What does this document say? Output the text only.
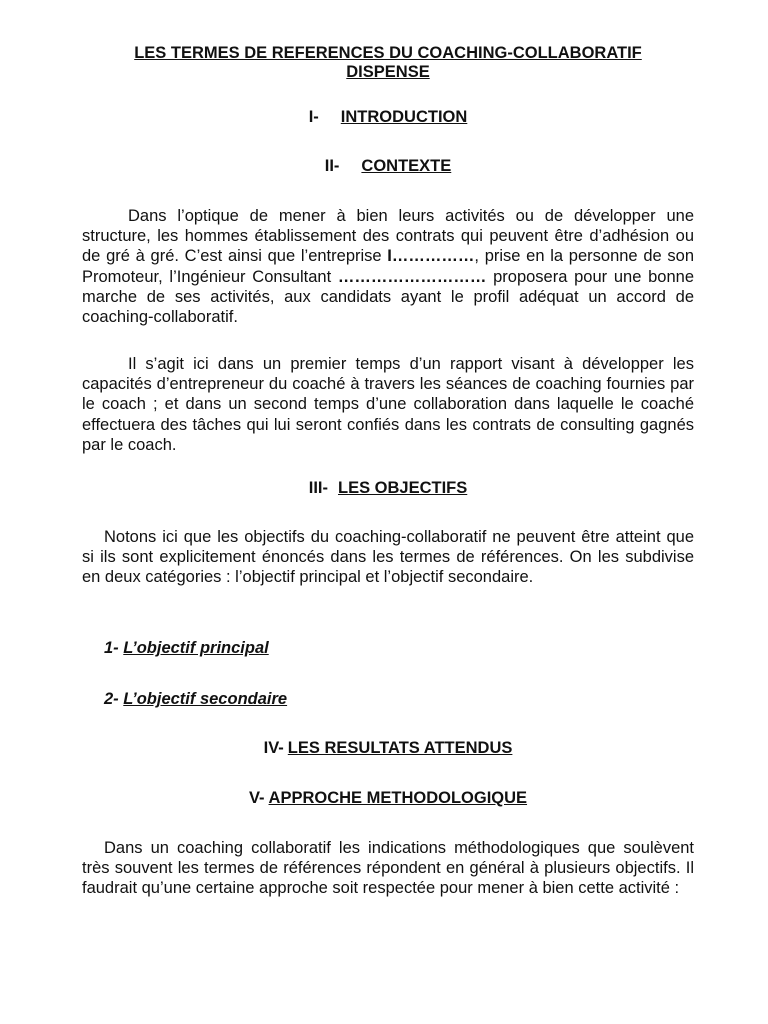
LES TERMES DE REFERENCES DU COACHING-COLLABORATIF
DISPENSE
I- INTRODUCTION
II- CONTEXTE

Dans l’optique de mener à bien leurs activités ou de développer une structure, les hommes établissement des contrats qui peuvent être d’adhésion ou de gré à gré. C’est ainsi que l’entreprise I……………, prise en la personne de son Promoteur, l’Ingénieur Consultant ……………………… proposera pour une bonne marche de ses activités, aux candidats ayant le profil adéquat un accord de coaching-collaboratif.

Il s’agit ici dans un premier temps d’un rapport visant à développer les capacités d’entrepreneur du coaché à travers les séances de coaching fournies par le coach ; et dans un second temps d’une collaboration dans laquelle le coaché effectuera des tâches qui lui seront confiés dans les contrats de consulting gagnés par le coach.

III- LES OBJECTIFS

Notons ici que les objectifs du coaching-collaboratif ne peuvent être atteint que si ils sont explicitement énoncés dans les termes de références. On les subdivise en deux catégories : l’objectif principal et l’objectif secondaire.

1- L’objectif principal
2- L’objectif secondaire
IV- LES RESULTATS ATTENDUS
V- APPROCHE METHODOLOGIQUE

Dans un coaching collaboratif les indications méthodologiques que soulèvent très souvent les termes de références répondent en général à plusieurs objectifs. Il faudrait qu’une certaine approche soit respectée pour mener à bien cette activité :
